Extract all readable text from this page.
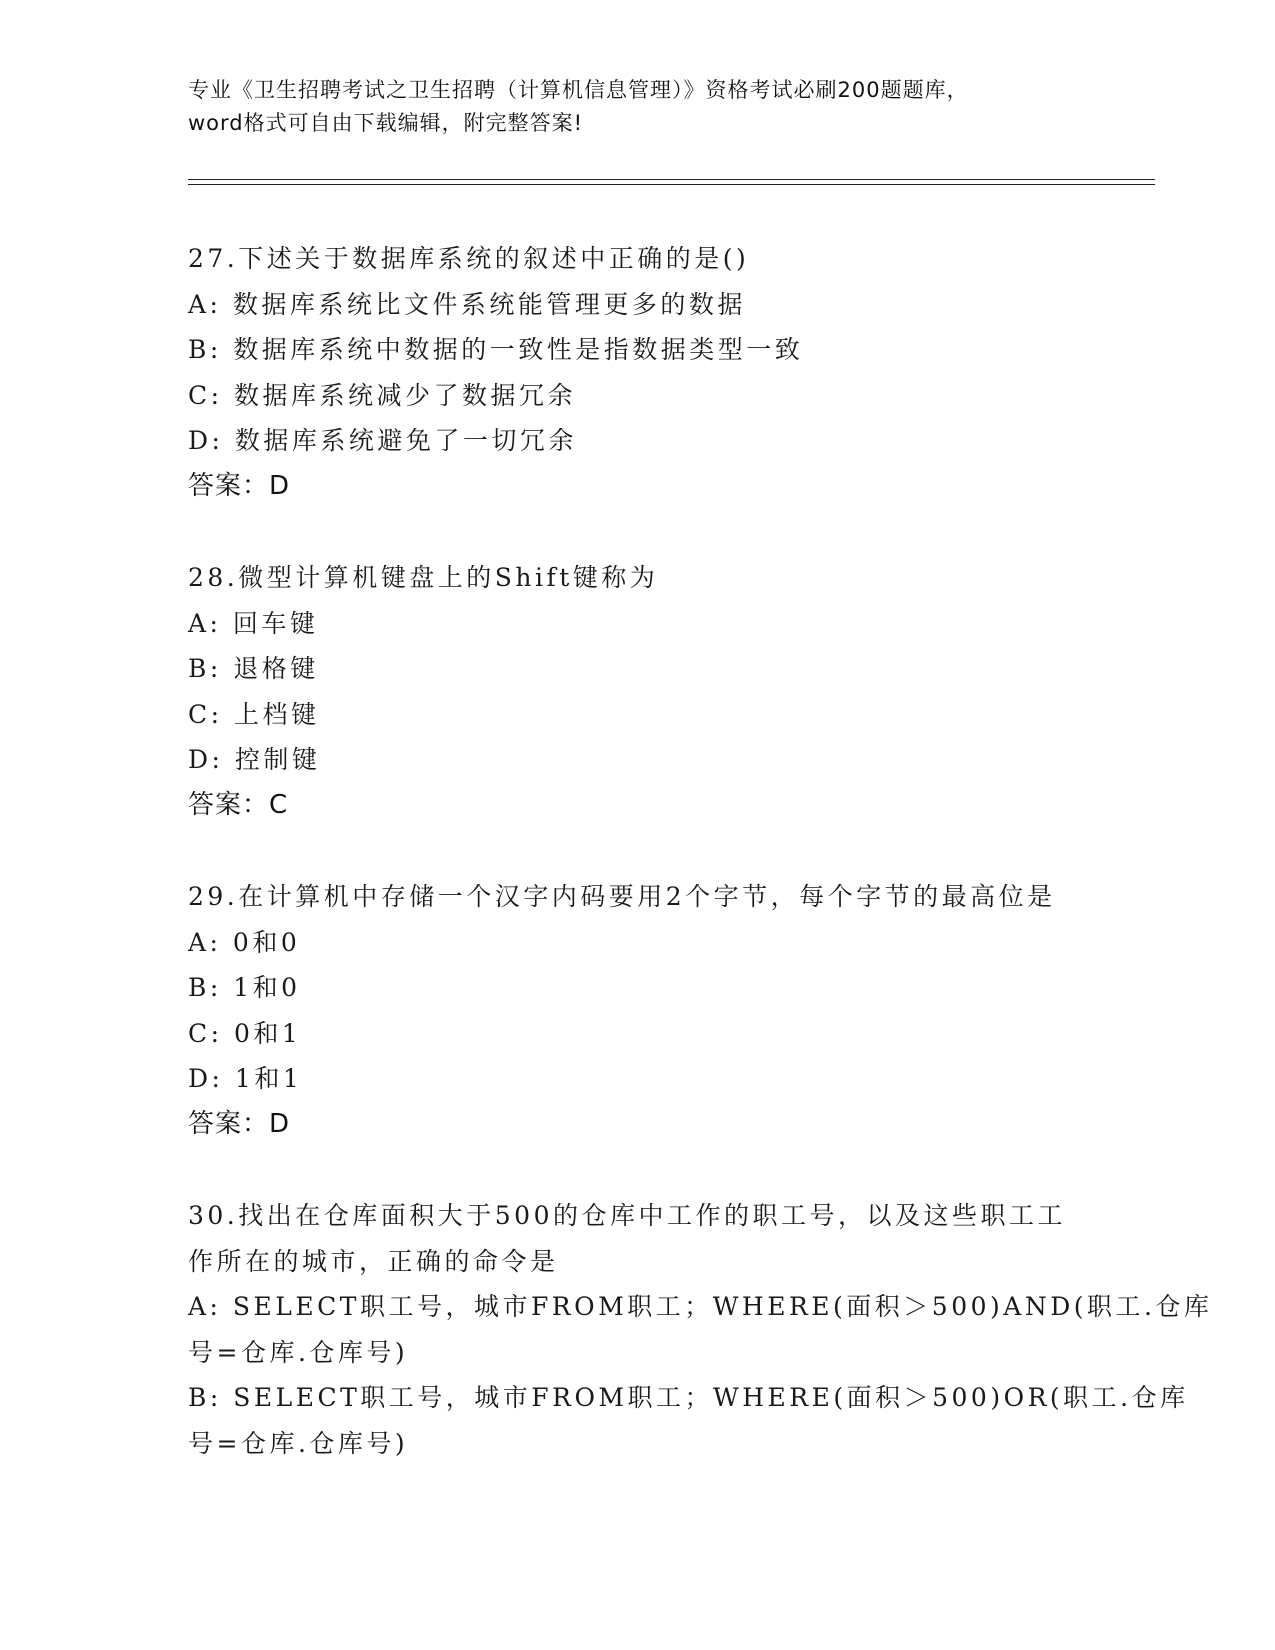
专业《卫生招聘考试之卫生招聘（计算机信息管理）》资格考试必刷200题题库，
word格式可自由下载编辑，附完整答案!
27.下述关于数据库系统的叙述中正确的是()
A: 数据库系统比文件系统能管理更多的数据
B: 数据库系统中数据的一致性是指数据类型一致
C: 数据库系统减少了数据冗余
D: 数据库系统避免了一切冗余
答案：D
28.微型计算机键盘上的Shift键称为
A: 回车键
B: 退格键
C: 上档键
D: 控制键
答案：C
29.在计算机中存储一个汉字内码要用2个字节，每个字节的最高位是
A: 0和0
B: 1和0
C: 0和1
D: 1和1
答案：D
30.找出在仓库面积大于500的仓库中工作的职工号，以及这些职工工
作所在的城市，正确的命令是
A: SELECT职工号，城市FROM职工；WHERE(面积＞500)AND(职工.仓库
号=仓库.仓库号)
B: SELECT职工号，城市FROM职工；WHERE(面积＞500)OR(职工.仓库
号=仓库.仓库号)
